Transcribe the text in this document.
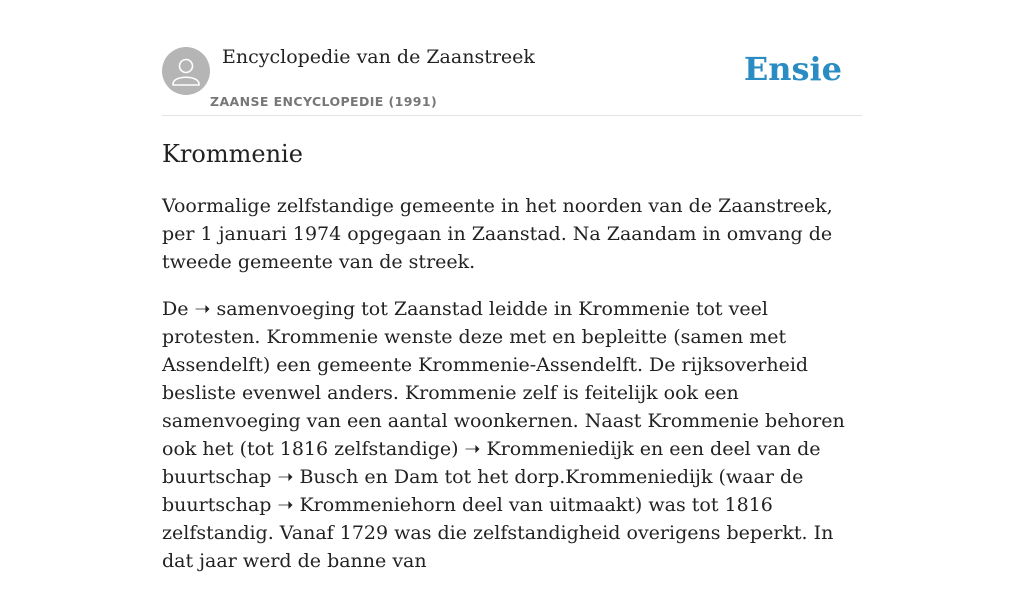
Encyclopedie van de Zaanstreek
ZAANSE ENCYCLOPEDIE (1991)
Ensie
Krommenie

Voormalige zelfstandige gemeente in het noorden van de Zaanstreek, per 1 januari 1974 opgegaan in Zaanstad. Na Zaandam in omvang de tweede gemeente van de streek.

De ➝ samenvoeging tot Zaanstad leidde in Krommenie tot veel protesten. Krommenie wenste deze met en bepleitte (samen met Assendelft) een gemeente Krommenie-Assendelft. De rijksoverheid besliste evenwel anders. Krommenie zelf is feitelijk ook een samenvoeging van een aantal woonkernen. Naast Krommenie behoren ook het (tot 1816 zelfstandige) ➝ Krommeniedijk en een deel van de buurtschap ➝ Busch en Dam tot het dorp.Krommeniedijk (waar de buurtschap ➝ Krommeniehorn deel van uitmaakt) was tot 1816 zelfstandig. Vanaf 1729 was die zelfstandigheid overigens beperkt. In dat jaar werd de banne van
